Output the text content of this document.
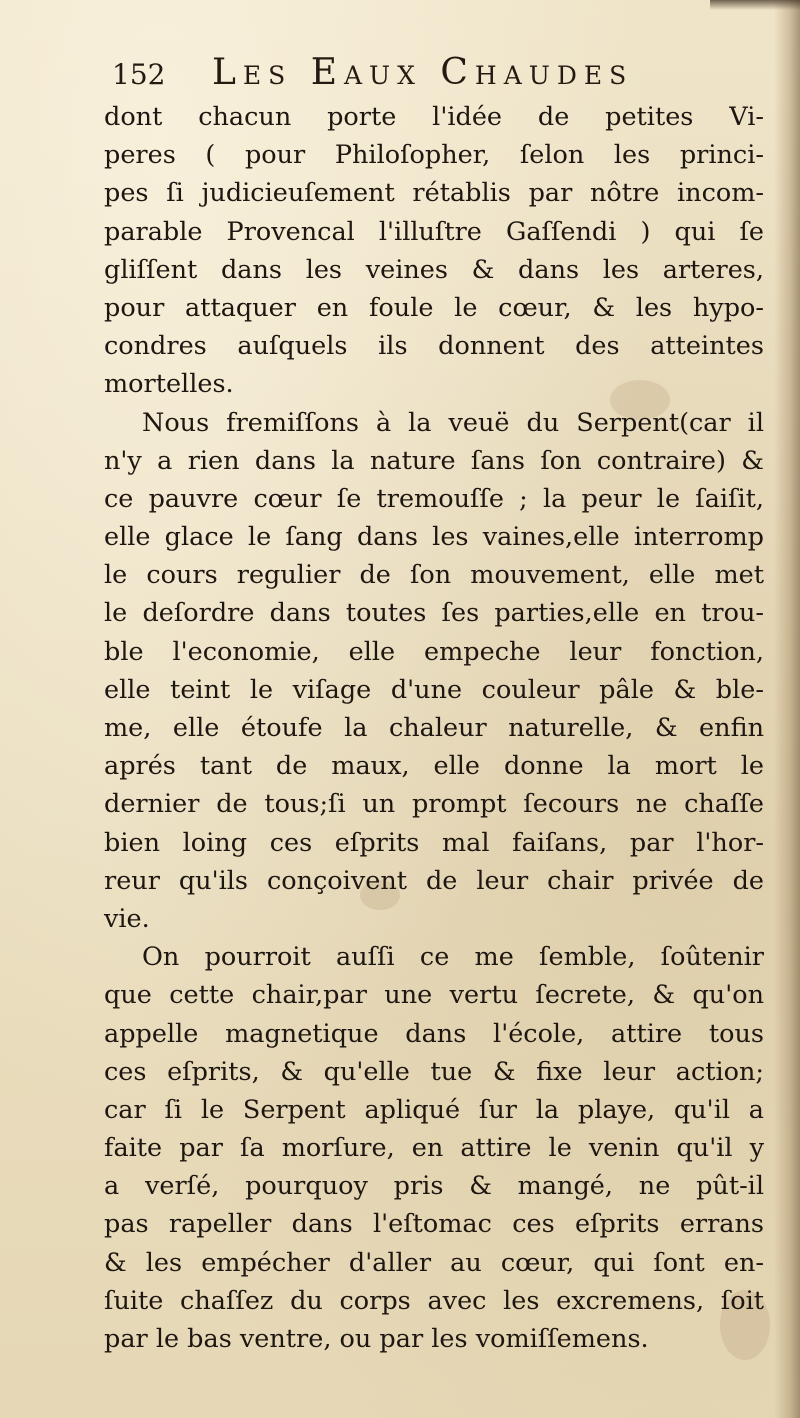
152 Les Eaux Chaudes
dont chacun porte l'idée de petites Vi-
peres ( pour Philoſopher, ſelon les princi-
pes ſi judicieuſement rétablis par nôtre incom-
parable Provencal l'illuſtre Gaſſendi ) qui ſe
gliſſent dans les veines & dans les arteres,
pour attaquer en foule le cœur, & les hypo-
condres auſquels ils donnent des atteintes
mortelles.
Nous fremiſſons à la veuë du Serpent(car il
n'y a rien dans la nature ſans ſon contraire) &
ce pauvre cœur ſe tremouſſe ; la peur le ſaiſit,
elle glace le ſang dans les vaines,elle interromp
le cours regulier de ſon mouvement, elle met
le deſordre dans toutes ſes parties,elle en trou-
ble l'economie, elle empeche leur fonction,
elle teint le viſage d'une couleur pâle & ble-
me, elle étoufe la chaleur naturelle, & enfin
aprés tant de maux, elle donne la mort le
dernier de tous;ſi un prompt ſecours ne chaſſe
bien loing ces eſprits mal faiſans, par l'hor-
reur qu'ils conçoivent de leur chair privée de
vie.
On pourroit auſſi ce me ſemble, ſoûtenir
que cette chair,par une vertu ſecrete, & qu'on
appelle magnetique dans l'école, attire tous
ces eſprits, & qu'elle tue & fixe leur action;
car ſi le Serpent apliqué ſur la playe, qu'il a
faite par ſa morſure, en attire le venin qu'il y
a verſé, pourquoy pris & mangé, ne pût-il
pas rapeller dans l'eſtomac ces eſprits errans
& les empécher d'aller au cœur, qui ſont en-
ſuite chaſſez du corps avec les excremens, ſoit
par le bas ventre, ou par les vomiſſemens.
